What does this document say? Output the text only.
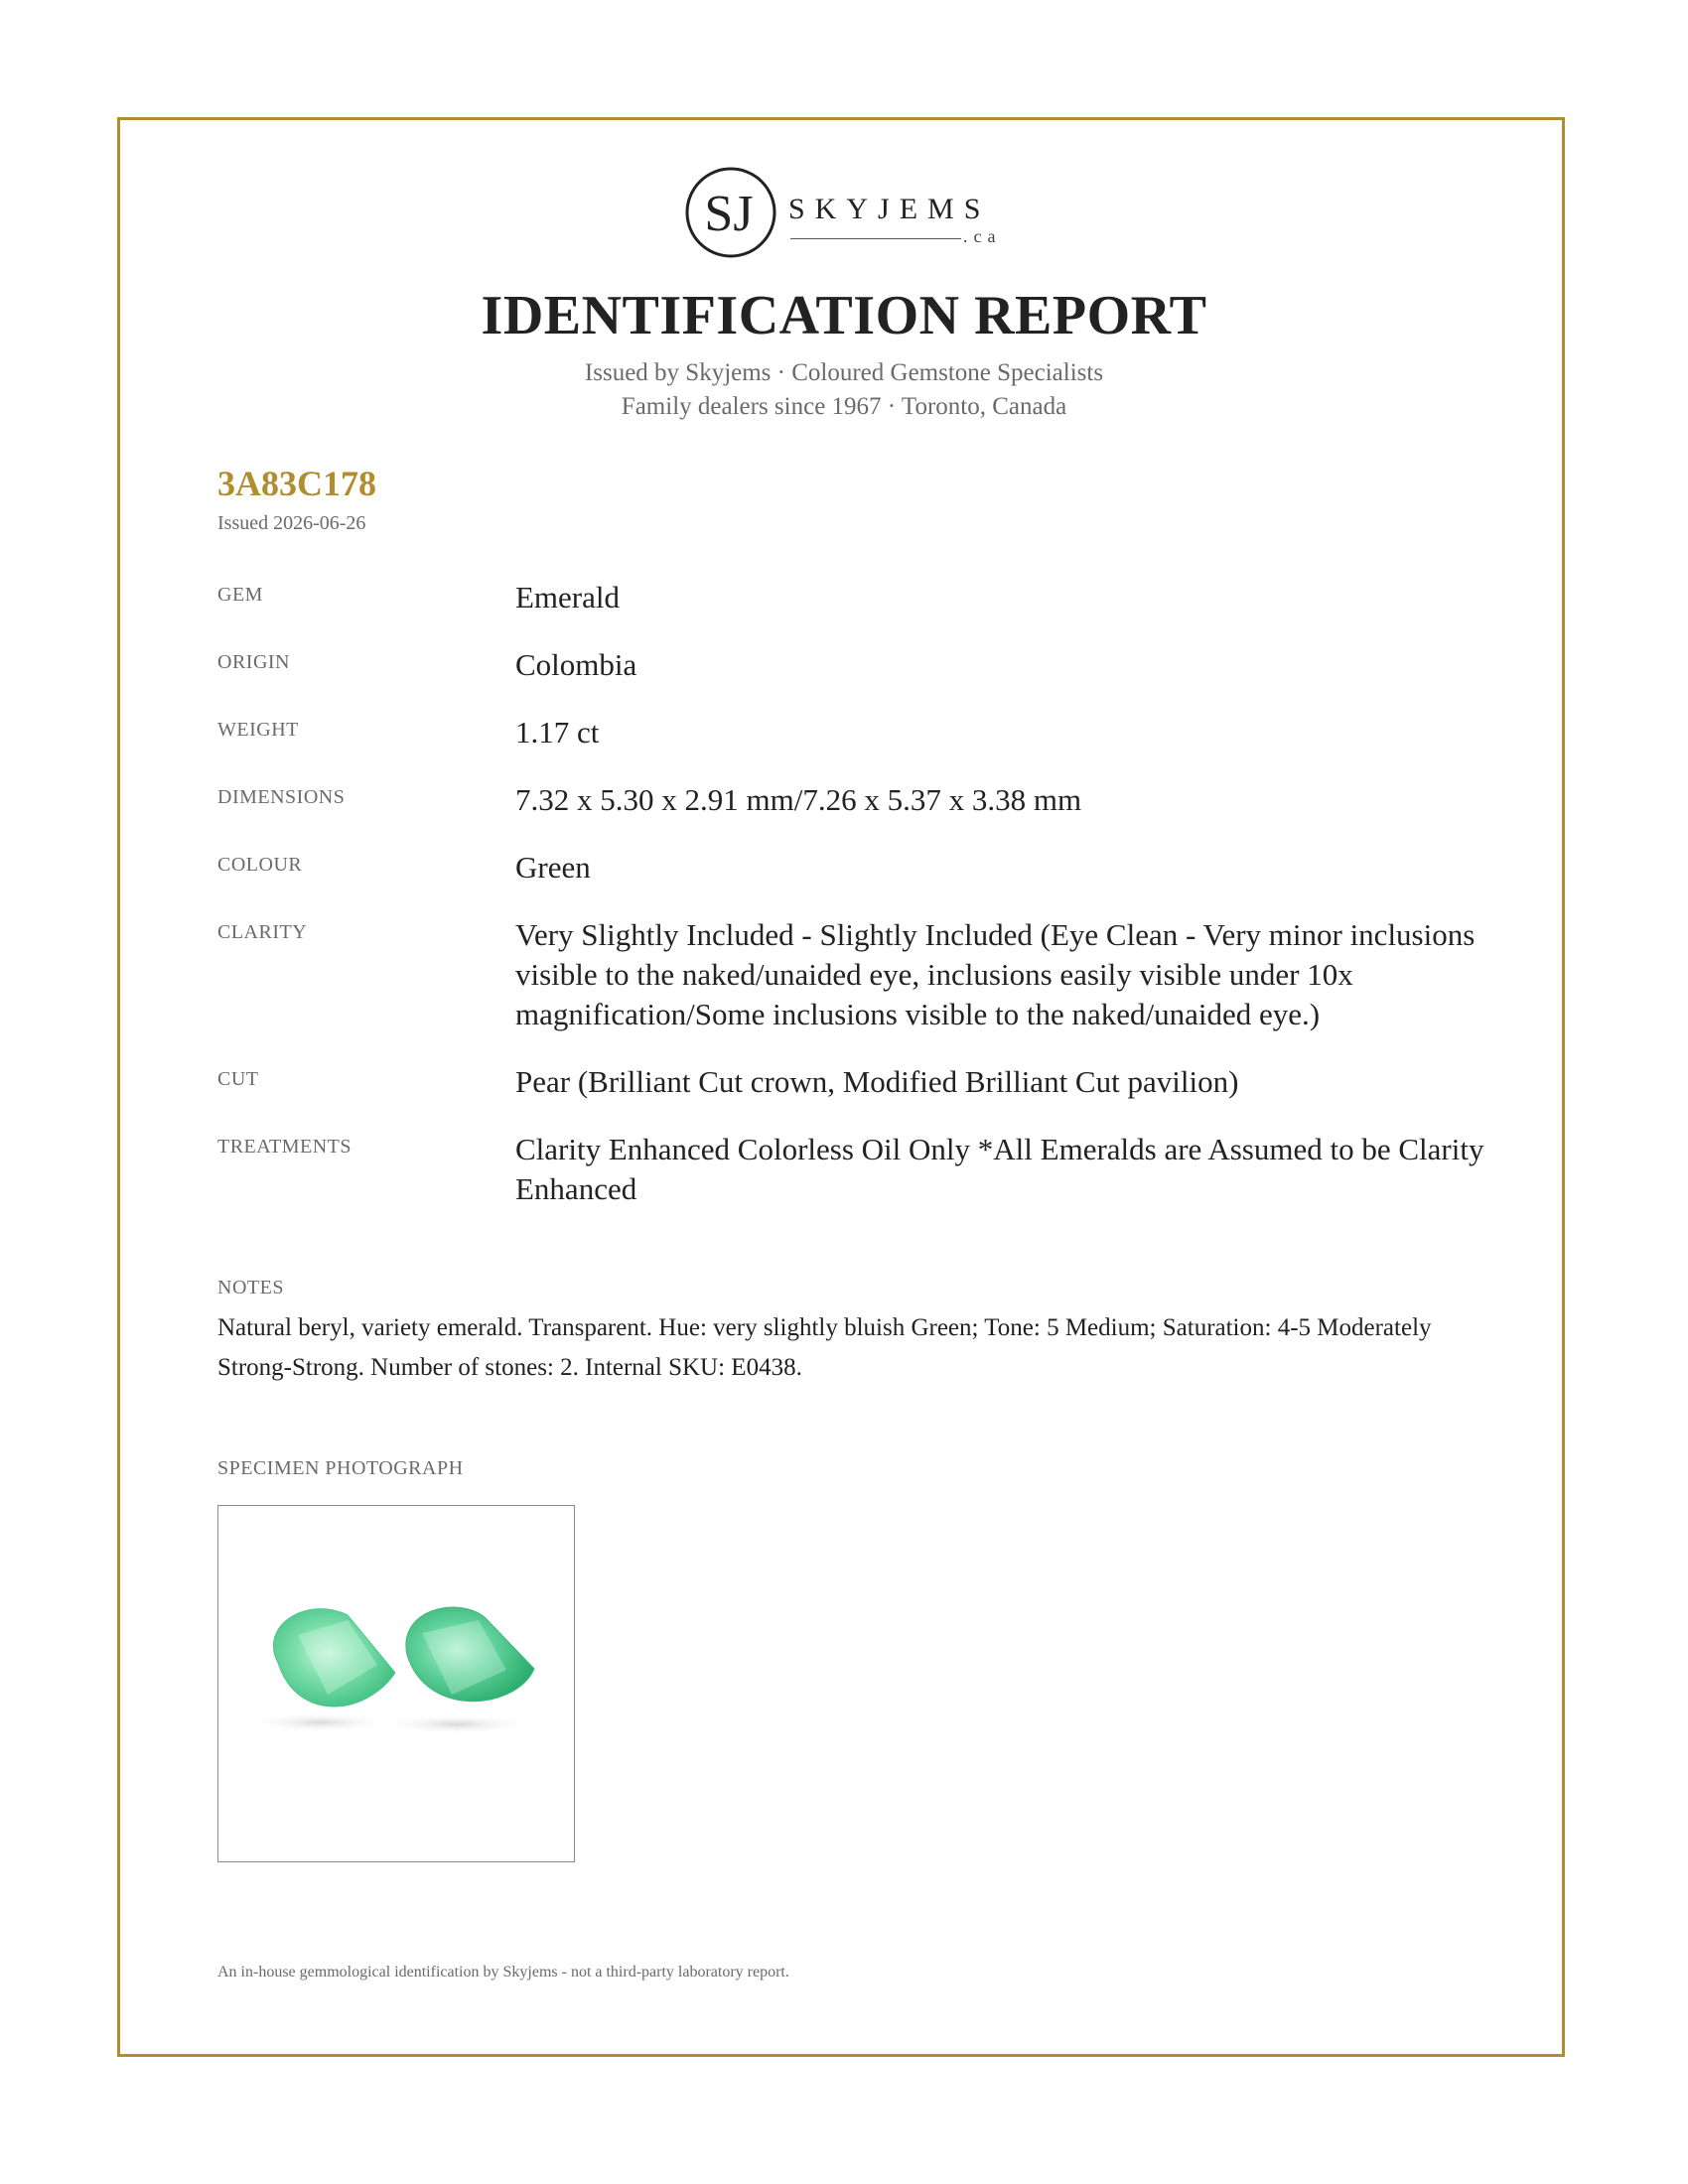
SJ SKYJEMS
.ca
IDENTIFICATION REPORT
Issued by Skyjems · Coloured Gemstone Specialists
Family dealers since 1967 · Toronto, Canada
3A83C178
Issued 2026-06-26
GEM	Emerald
ORIGIN	Colombia
WEIGHT	1.17 ct
DIMENSIONS	7.32 x 5.30 x 2.91 mm/7.26 x 5.37 x 3.38 mm
COLOUR	Green
CLARITY	Very Slightly Included - Slightly Included (Eye Clean - Very minor inclusions visible to the naked/unaided eye, inclusions easily visible under 10x magnification/Some inclusions visible to the naked/unaided eye.)
CUT	Pear (Brilliant Cut crown, Modified Brilliant Cut pavilion)
TREATMENTS	Clarity Enhanced Colorless Oil Only *All Emeralds are Assumed to be Clarity Enhanced
NOTES
Natural beryl, variety emerald. Transparent. Hue: very slightly bluish Green; Tone: 5 Medium; Saturation: 4-5 Moderately Strong-Strong. Number of stones: 2. Internal SKU: E0438.
SPECIMEN PHOTOGRAPH
An in-house gemmological identification by Skyjems - not a third-party laboratory report.
